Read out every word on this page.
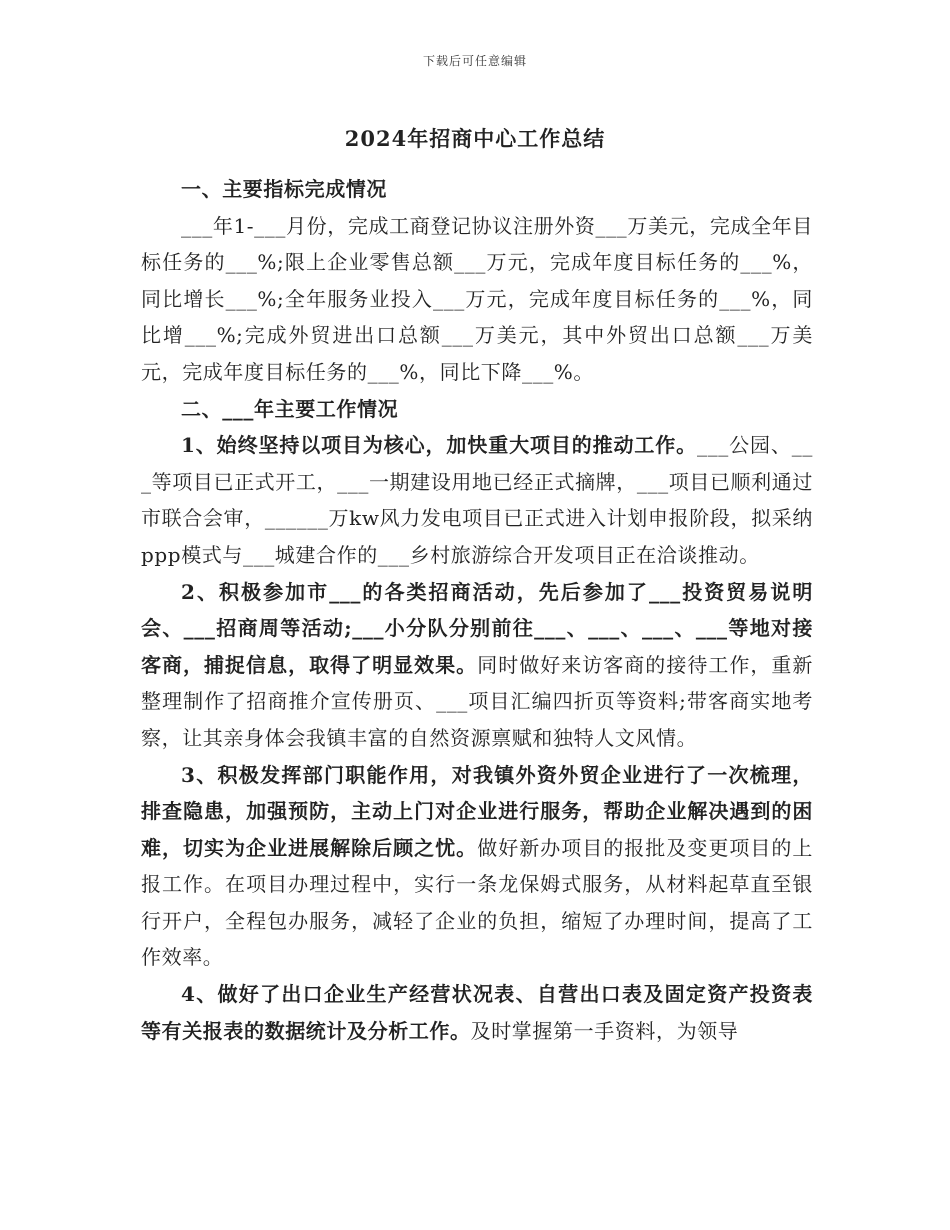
下载后可任意编辑
2024年招商中心工作总结
一、主要指标完成情况

___年1-___月份，完成工商登记协议注册外资___万美元，完成全年目标任务的___%;限上企业零售总额___万元，完成年度目标任务的___%，同比增长___%;全年服务业投入___万元，完成年度目标任务的___%，同比增___%;完成外贸进出口总额___万美元，其中外贸出口总额___万美元，完成年度目标任务的___%，同比下降___%。

二、___年主要工作情况

1、始终坚持以项目为核心，加快重大项目的推动工作。___公园、___等项目已正式开工，___一期建设用地已经正式摘牌，___项目已顺利通过市联合会审，______万kw风力发电项目已正式进入计划申报阶段，拟采纳ppp模式与___城建合作的___乡村旅游综合开发项目正在洽谈推动。

2、积极参加市___的各类招商活动，先后参加了___投资贸易说明会、___招商周等活动;___小分队分别前往___、___、___、___等地对接客商，捕捉信息，取得了明显效果。同时做好来访客商的接待工作，重新整理制作了招商推介宣传册页、___项目汇编四折页等资料;带客商实地考察，让其亲身体会我镇丰富的自然资源禀赋和独特人文风情。

3、积极发挥部门职能作用，对我镇外资外贸企业进行了一次梳理，排查隐患，加强预防，主动上门对企业进行服务，帮助企业解决遇到的困难，切实为企业进展解除后顾之忧。做好新办项目的报批及变更项目的上报工作。在项目办理过程中，实行一条龙保姆式服务，从材料起草直至银行开户，全程包办服务，减轻了企业的负担，缩短了办理时间，提高了工作效率。

4、做好了出口企业生产经营状况表、自营出口表及固定资产投资表等有关报表的数据统计及分析工作。及时掌握第一手资料，为领导
